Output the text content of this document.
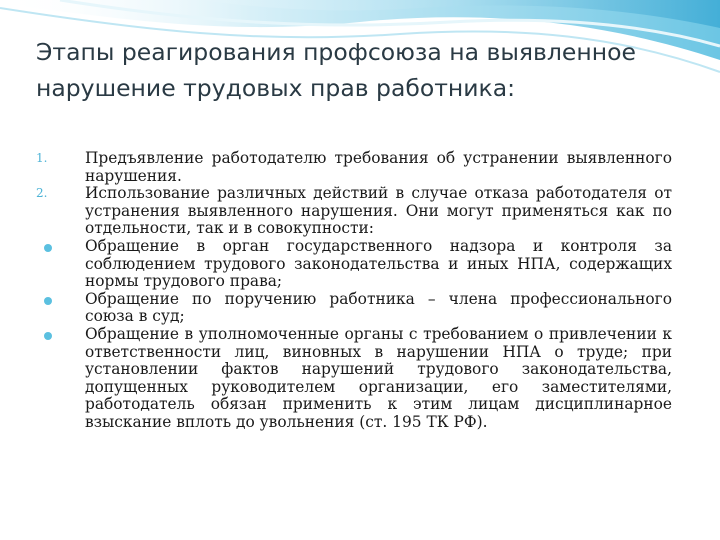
Этапы реагирования профсоюза на выявленное нарушение трудовых прав работника:
1. Предъявление работодателю требования об устранении выявленного нарушения.
2. Использование различных действий в случае отказа работодателя от устранения выявленного нарушения. Они могут применяться как по отдельности, так и в совокупности:
Обращение в орган государственного надзора и контроля за соблюдением трудового законодательства и иных НПА, содержащих нормы трудового права;
Обращение по поручению работника – члена профессионального союза в суд;
Обращение в уполномоченные органы с требованием о привлечении к ответственности лиц, виновных в нарушении НПА о труде; при установлении фактов нарушений трудового законодательства, допущенных руководителем организации, его заместителями, работодатель обязан применить к этим лицам дисциплинарное взыскание вплоть до увольнения (ст. 195 ТК РФ).
